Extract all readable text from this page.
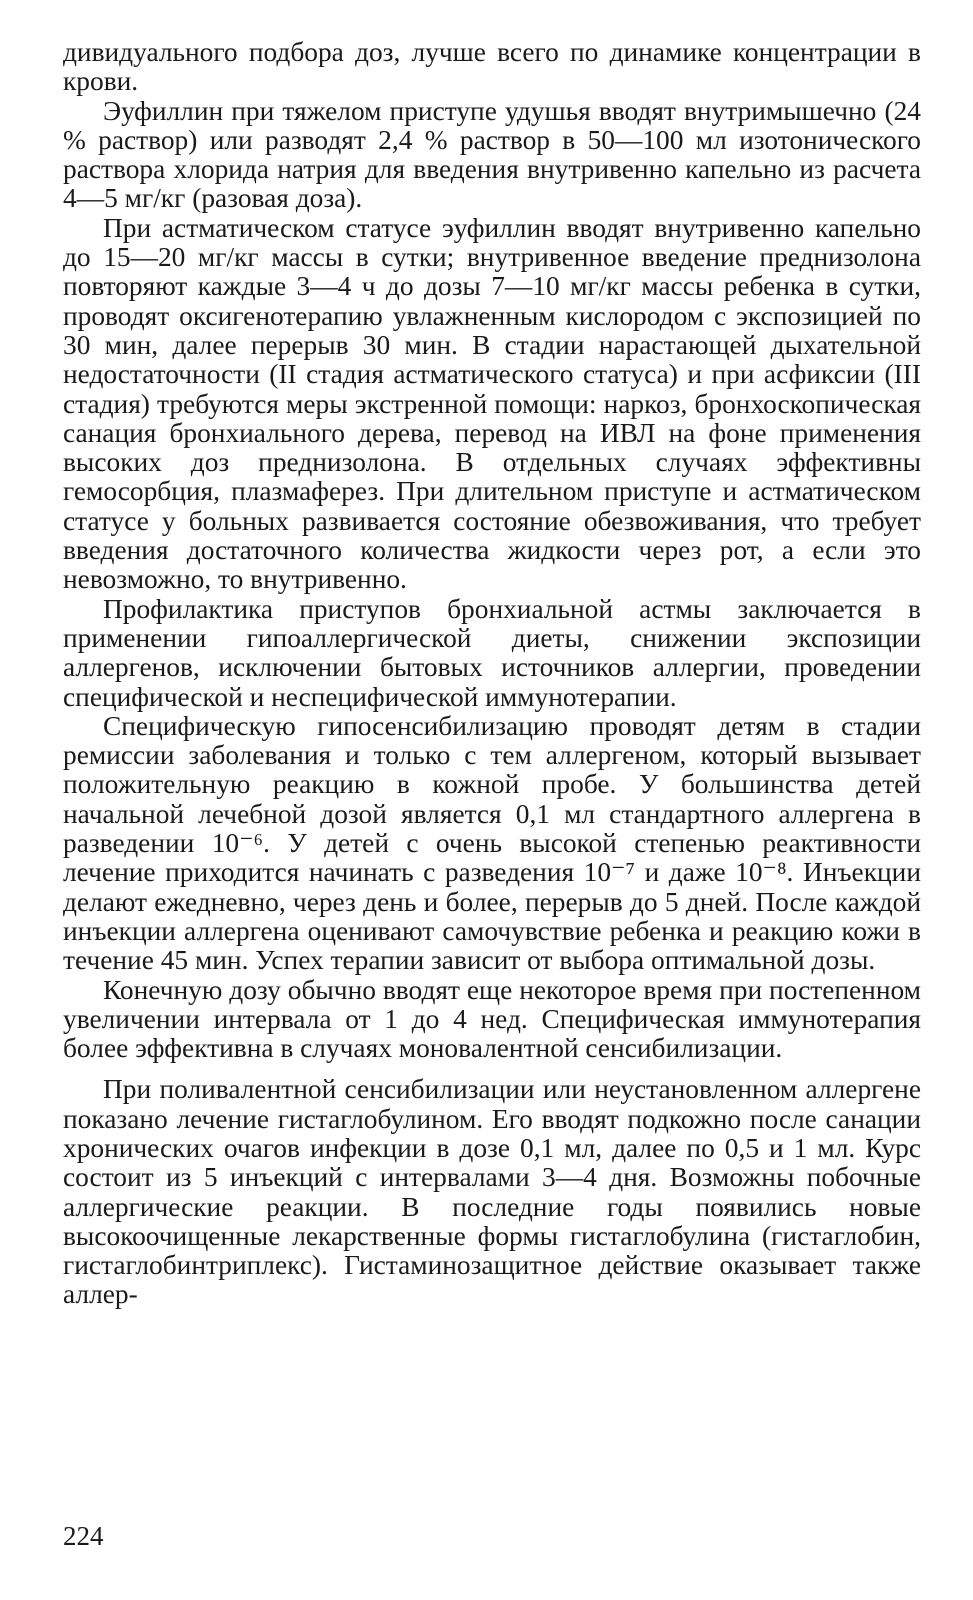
дивидуального подбора доз, лучше всего по динамике концентрации в крови.

Эуфиллин при тяжелом приступе удушья вводят внутримышечно (24 % раствор) или разводят 2,4 % раствор в 50—100 мл изотонического раствора хлорида натрия для введения внутривенно капельно из расчета 4—5 мг/кг (разовая доза).

При астматическом статусе эуфиллин вводят внутривенно капельно до 15—20 мг/кг массы в сутки; внутривенное введение преднизолона повторяют каждые 3—4 ч до дозы 7—10 мг/кг массы ребенка в сутки, проводят оксигенотерапию увлажненным кислородом с экспозицией по 30 мин, далее перерыв 30 мин. В стадии нарастающей дыхательной недостаточности (II стадия астматического статуса) и при асфиксии (III стадия) требуются меры экстренной помощи: наркоз, бронхоскопическая санация бронхиального дерева, перевод на ИВЛ на фоне применения высоких доз преднизолона. В отдельных случаях эффективны гемосорбция, плазмаферез. При длительном приступе и астматическом статусе у больных развивается состояние обезвоживания, что требует введения достаточного количества жидкости через рот, а если это невозможно, то внутривенно.

Профилактика приступов бронхиальной астмы заключается в применении гипоаллергической диеты, снижении экспозиции аллергенов, исключении бытовых источников аллергии, проведении специфической и неспецифической иммунотерапии.

Специфическую гипосенсибилизацию проводят детям в стадии ремиссии заболевания и только с тем аллергеном, который вызывает положительную реакцию в кожной пробе. У большинства детей начальной лечебной дозой является 0,1 мл стандартного аллергена в разведении 10⁻⁶. У детей с очень высокой степенью реактивности лечение приходится начинать с разведения 10⁻⁷ и даже 10⁻⁸. Инъекции делают ежедневно, через день и более, перерыв до 5 дней. После каждой инъекции аллергена оценивают самочувствие ребенка и реакцию кожи в течение 45 мин. Успех терапии зависит от выбора оптимальной дозы.

Конечную дозу обычно вводят еще некоторое время при постепенном увеличении интервала от 1 до 4 нед. Специфическая иммунотерапия более эффективна в случаях моновалентной сенсибилизации.

При поливалентной сенсибилизации или неустановленном аллергене показано лечение гистаглобулином. Его вводят подкожно после санации хронических очагов инфекции в дозе 0,1 мл, далее по 0,5 и 1 мл. Курс состоит из 5 инъекций с интервалами 3—4 дня. Возможны побочные аллергические реакции. В последние годы появились новые высокоочищенные лекарственные формы гистаглобулина (гистаглобин, гистаглобинтриплекс). Гистаминозащитное действие оказывает также аллер-

224
